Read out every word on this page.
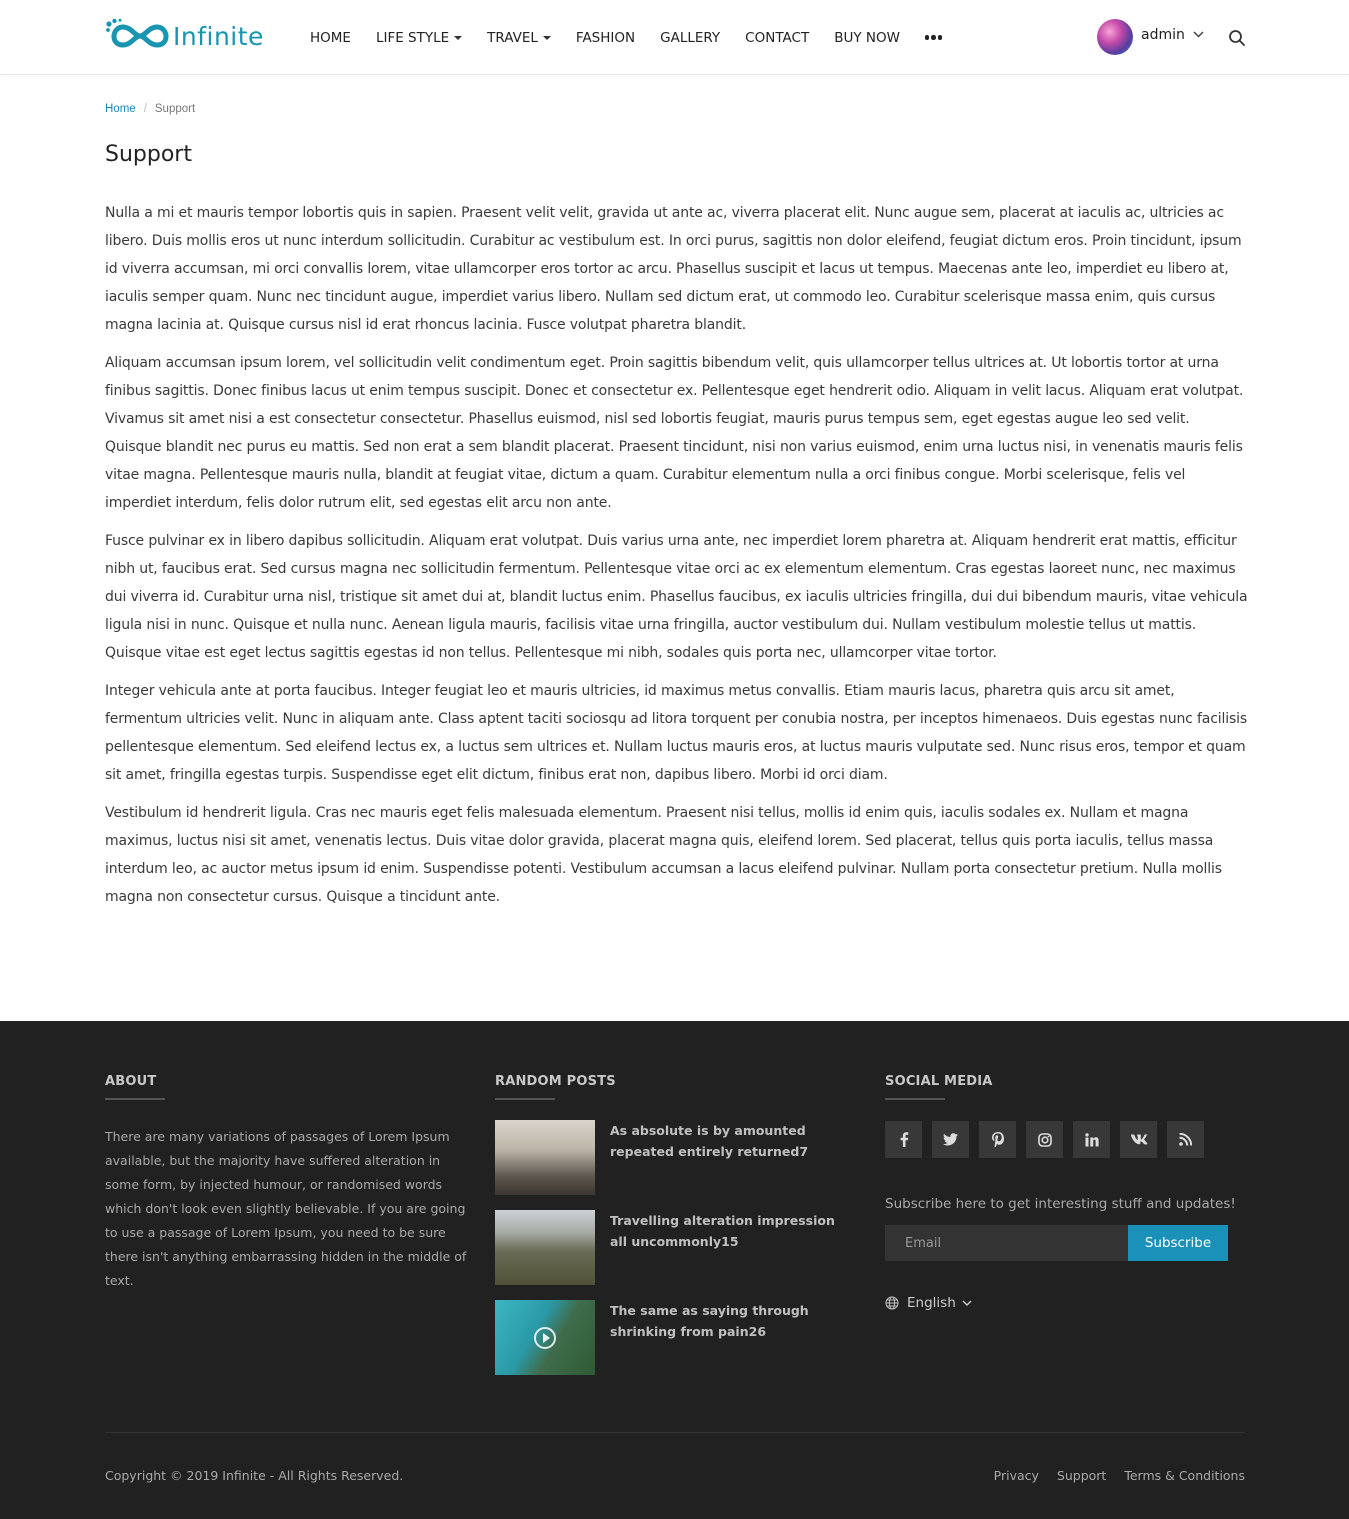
Infinite	HOME LIFE STYLE	TRAVEL	FASHION GALLERY CONTACT BUY NOW	admin
Home / Support
Support

Nulla a mi et mauris tempor lobortis quis in sapien. Praesent velit velit, gravida ut ante ac, viverra placerat elit. Nunc augue sem, placerat at iaculis ac, ultricies ac libero. Duis mollis eros ut nunc interdum sollicitudin. Curabitur ac vestibulum est. In orci purus, sagittis non dolor eleifend, feugiat dictum eros. Proin tincidunt, ipsum id viverra accumsan, mi orci convallis lorem, vitae ullamcorper eros tortor ac arcu. Phasellus suscipit et lacus ut tempus. Maecenas ante leo, imperdiet eu libero at, iaculis semper quam. Nunc nec tincidunt augue, imperdiet varius libero. Nullam sed dictum erat, ut commodo leo. Curabitur scelerisque massa enim, quis cursus magna lacinia at. Quisque cursus nisl id erat rhoncus lacinia. Fusce volutpat pharetra blandit.

Aliquam accumsan ipsum lorem, vel sollicitudin velit condimentum eget. Proin sagittis bibendum velit, quis ullamcorper tellus ultrices at. Ut lobortis tortor at urna finibus sagittis. Donec finibus lacus ut enim tempus suscipit. Donec et consectetur ex. Pellentesque eget hendrerit odio. Aliquam in velit lacus. Aliquam erat volutpat. Vivamus sit amet nisi a est consectetur consectetur. Phasellus euismod, nisl sed lobortis feugiat, mauris purus tempus sem, eget egestas augue leo sed velit. Quisque blandit nec purus eu mattis. Sed non erat a sem blandit placerat. Praesent tincidunt, nisi non varius euismod, enim urna luctus nisi, in venenatis mauris felis vitae magna. Pellentesque mauris nulla, blandit at feugiat vitae, dictum a quam. Curabitur elementum nulla a orci finibus congue. Morbi scelerisque, felis vel imperdiet interdum, felis dolor rutrum elit, sed egestas elit arcu non ante.

Fusce pulvinar ex in libero dapibus sollicitudin. Aliquam erat volutpat. Duis varius urna ante, nec imperdiet lorem pharetra at. Aliquam hendrerit erat mattis, efficitur nibh ut, faucibus erat. Sed cursus magna nec sollicitudin fermentum. Pellentesque vitae orci ac ex elementum elementum. Cras egestas laoreet nunc, nec maximus dui viverra id. Curabitur urna nisl, tristique sit amet dui at, blandit luctus enim. Phasellus faucibus, ex iaculis ultricies fringilla, dui dui bibendum mauris, vitae vehicula ligula nisi in nunc. Quisque et nulla nunc. Aenean ligula mauris, facilisis vitae urna fringilla, auctor vestibulum dui. Nullam vestibulum molestie tellus ut mattis. Quisque vitae est eget lectus sagittis egestas id non tellus. Pellentesque mi nibh, sodales quis porta nec, ullamcorper vitae tortor.

Integer vehicula ante at porta faucibus. Integer feugiat leo et mauris ultricies, id maximus metus convallis. Etiam mauris lacus, pharetra quis arcu sit amet, fermentum ultricies velit. Nunc in aliquam ante. Class aptent taciti sociosqu ad litora torquent per conubia nostra, per inceptos himenaeos. Duis egestas nunc facilisis pellentesque elementum. Sed eleifend lectus ex, a luctus sem ultrices et. Nullam luctus mauris eros, at luctus mauris vulputate sed. Nunc risus eros, tempor et quam sit amet, fringilla egestas turpis. Suspendisse eget elit dictum, finibus erat non, dapibus libero. Morbi id orci diam.

Vestibulum id hendrerit ligula. Cras nec mauris eget felis malesuada elementum. Praesent nisi tellus, mollis id enim quis, iaculis sodales ex. Nullam et magna maximus, luctus nisi sit amet, venenatis lectus. Duis vitae dolor gravida, placerat magna quis, eleifend lorem. Sed placerat, tellus quis porta iaculis, tellus massa interdum leo, ac auctor metus ipsum id enim. Suspendisse potenti. Vestibulum accumsan a lacus eleifend pulvinar. Nullam porta consectetur pretium. Nulla mollis magna non consectetur cursus. Quisque a tincidunt ante.

ABOUT
There are many variations of passages of Lorem Ipsum available, but the majority have suffered alteration in some form, by injected humour, or randomised words which don't look even slightly believable. If you are going to use a passage of Lorem Ipsum, you need to be sure there isn't anything embarrassing hidden in the middle of text.
RANDOM POSTS
As absolute is by amounted repeated entirely returned7
Travelling alteration impression all uncommonly15
The same as saying through shrinking from pain26
SOCIAL MEDIA
Subscribe here to get interesting stuff and updates!
Email
Subscribe
English
Copyright © 2019 Infinite - All Rights Reserved.	Privacy Support Terms & Conditions
